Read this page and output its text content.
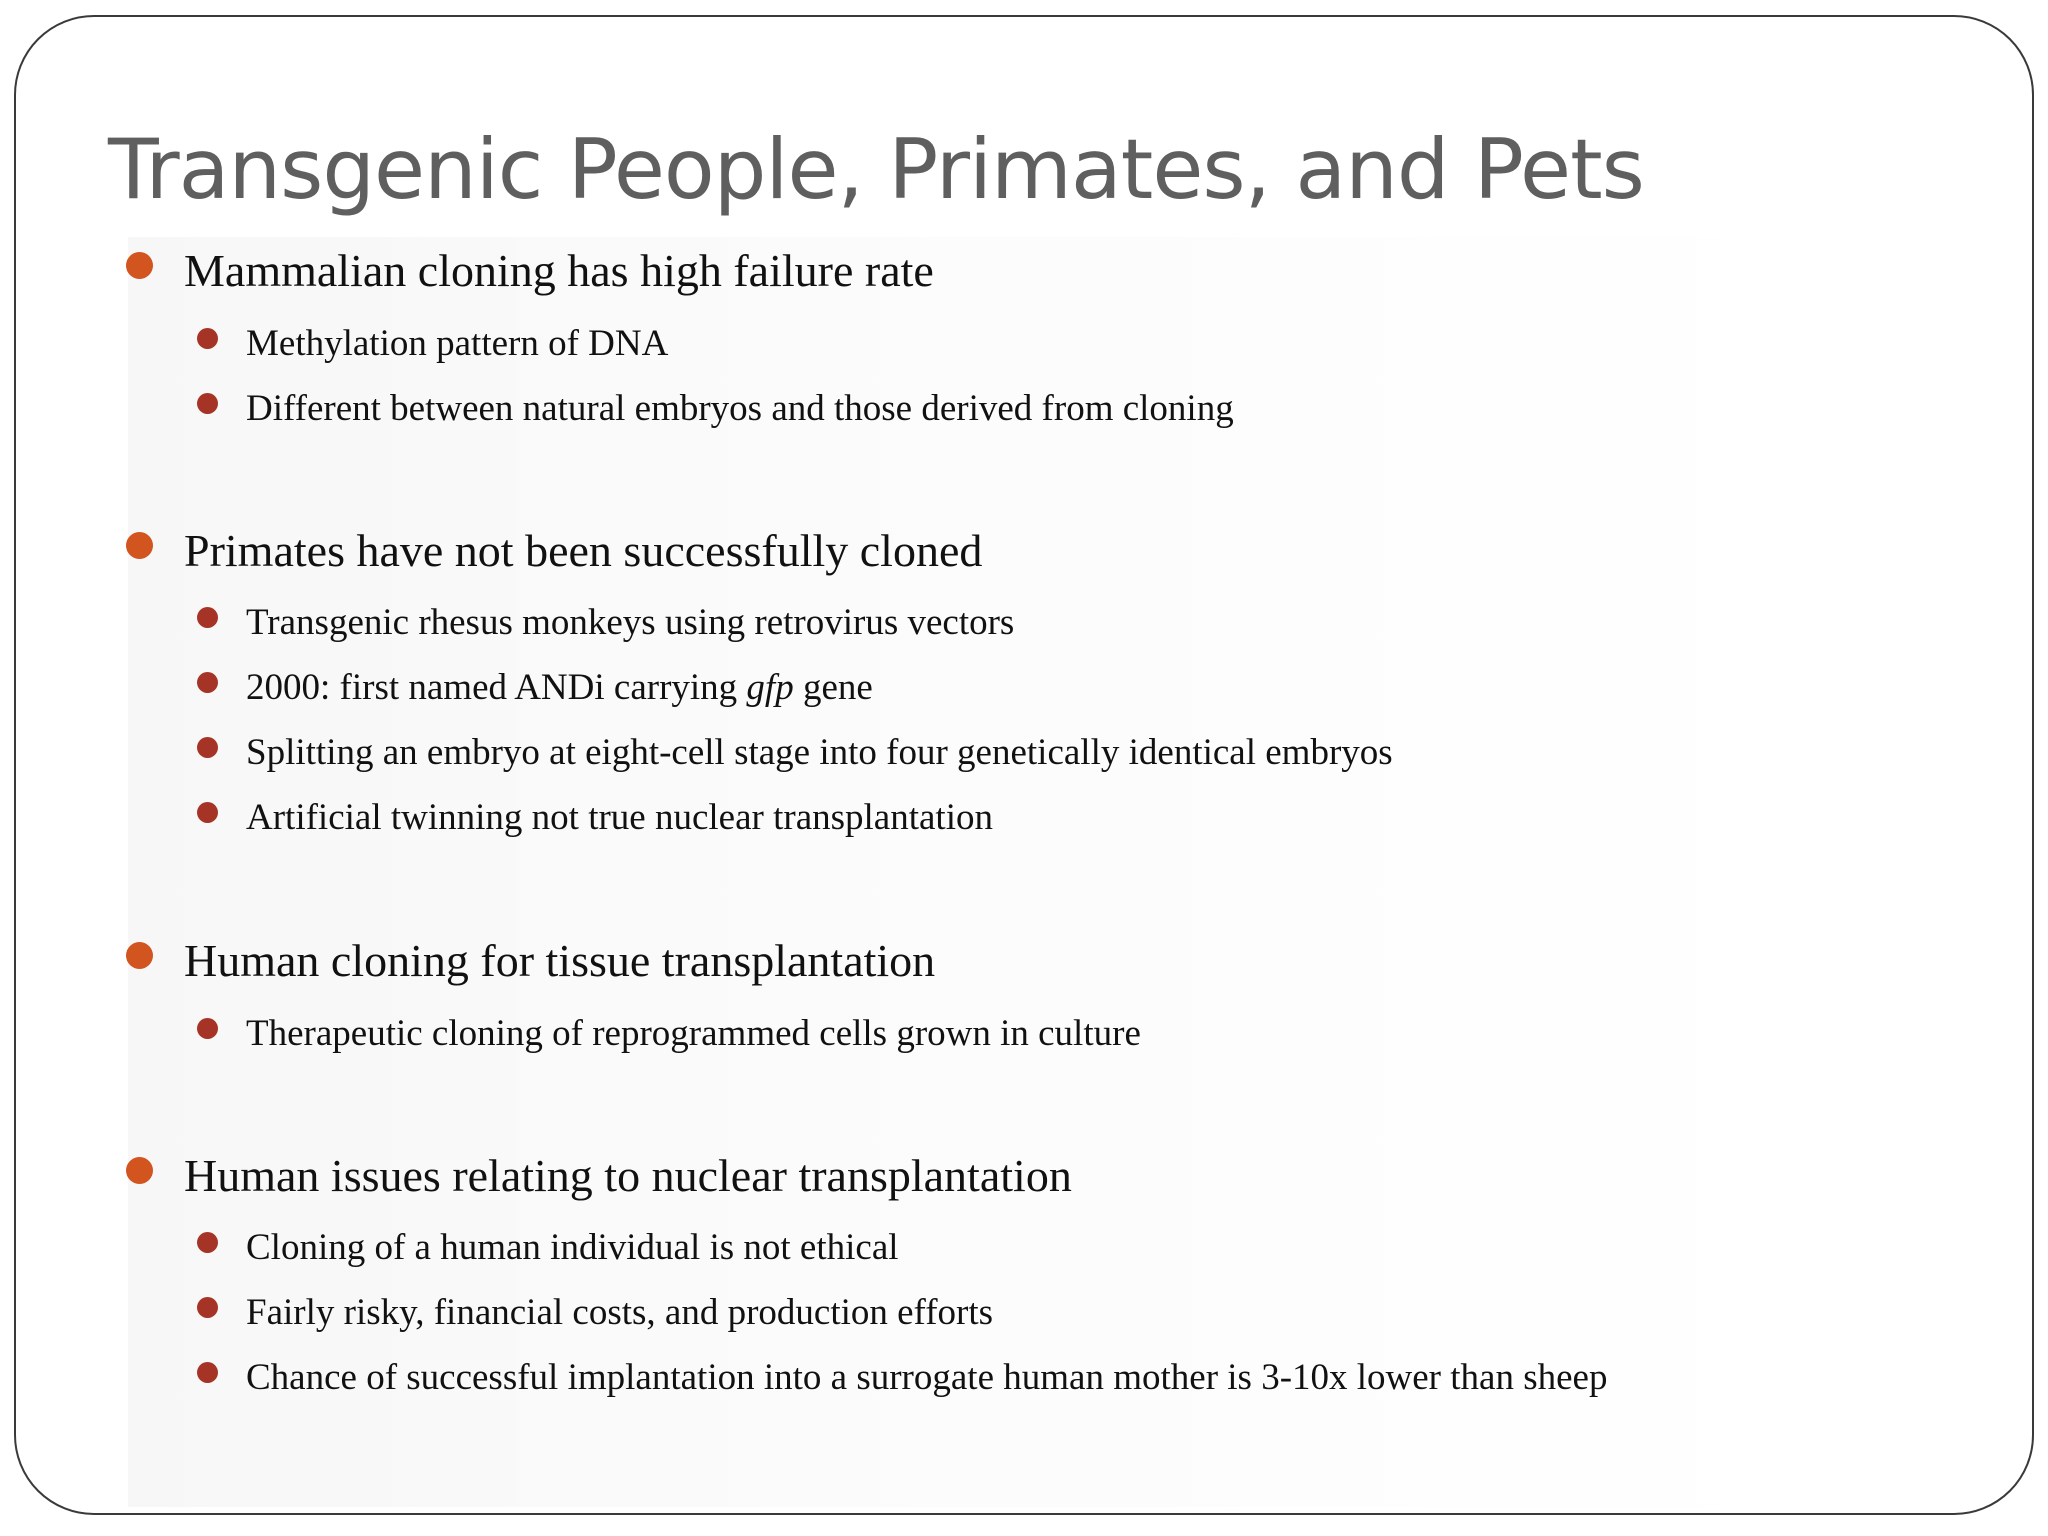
Transgenic People, Primates, and Pets
Mammalian cloning has high failure rate
Methylation pattern of DNA
Different between natural embryos and those derived from cloning
Primates have not been successfully cloned
Transgenic rhesus monkeys using retrovirus vectors
2000: first named ANDi carrying gfp gene
Splitting an embryo at eight-cell stage into four genetically identical embryos
Artificial twinning not true nuclear transplantation
Human cloning for tissue transplantation
Therapeutic cloning of reprogrammed cells grown in culture
Human issues relating to nuclear transplantation
Cloning of a human individual is not ethical
Fairly risky, financial costs, and production efforts
Chance of successful implantation into a surrogate human mother is 3-10x lower than sheep
